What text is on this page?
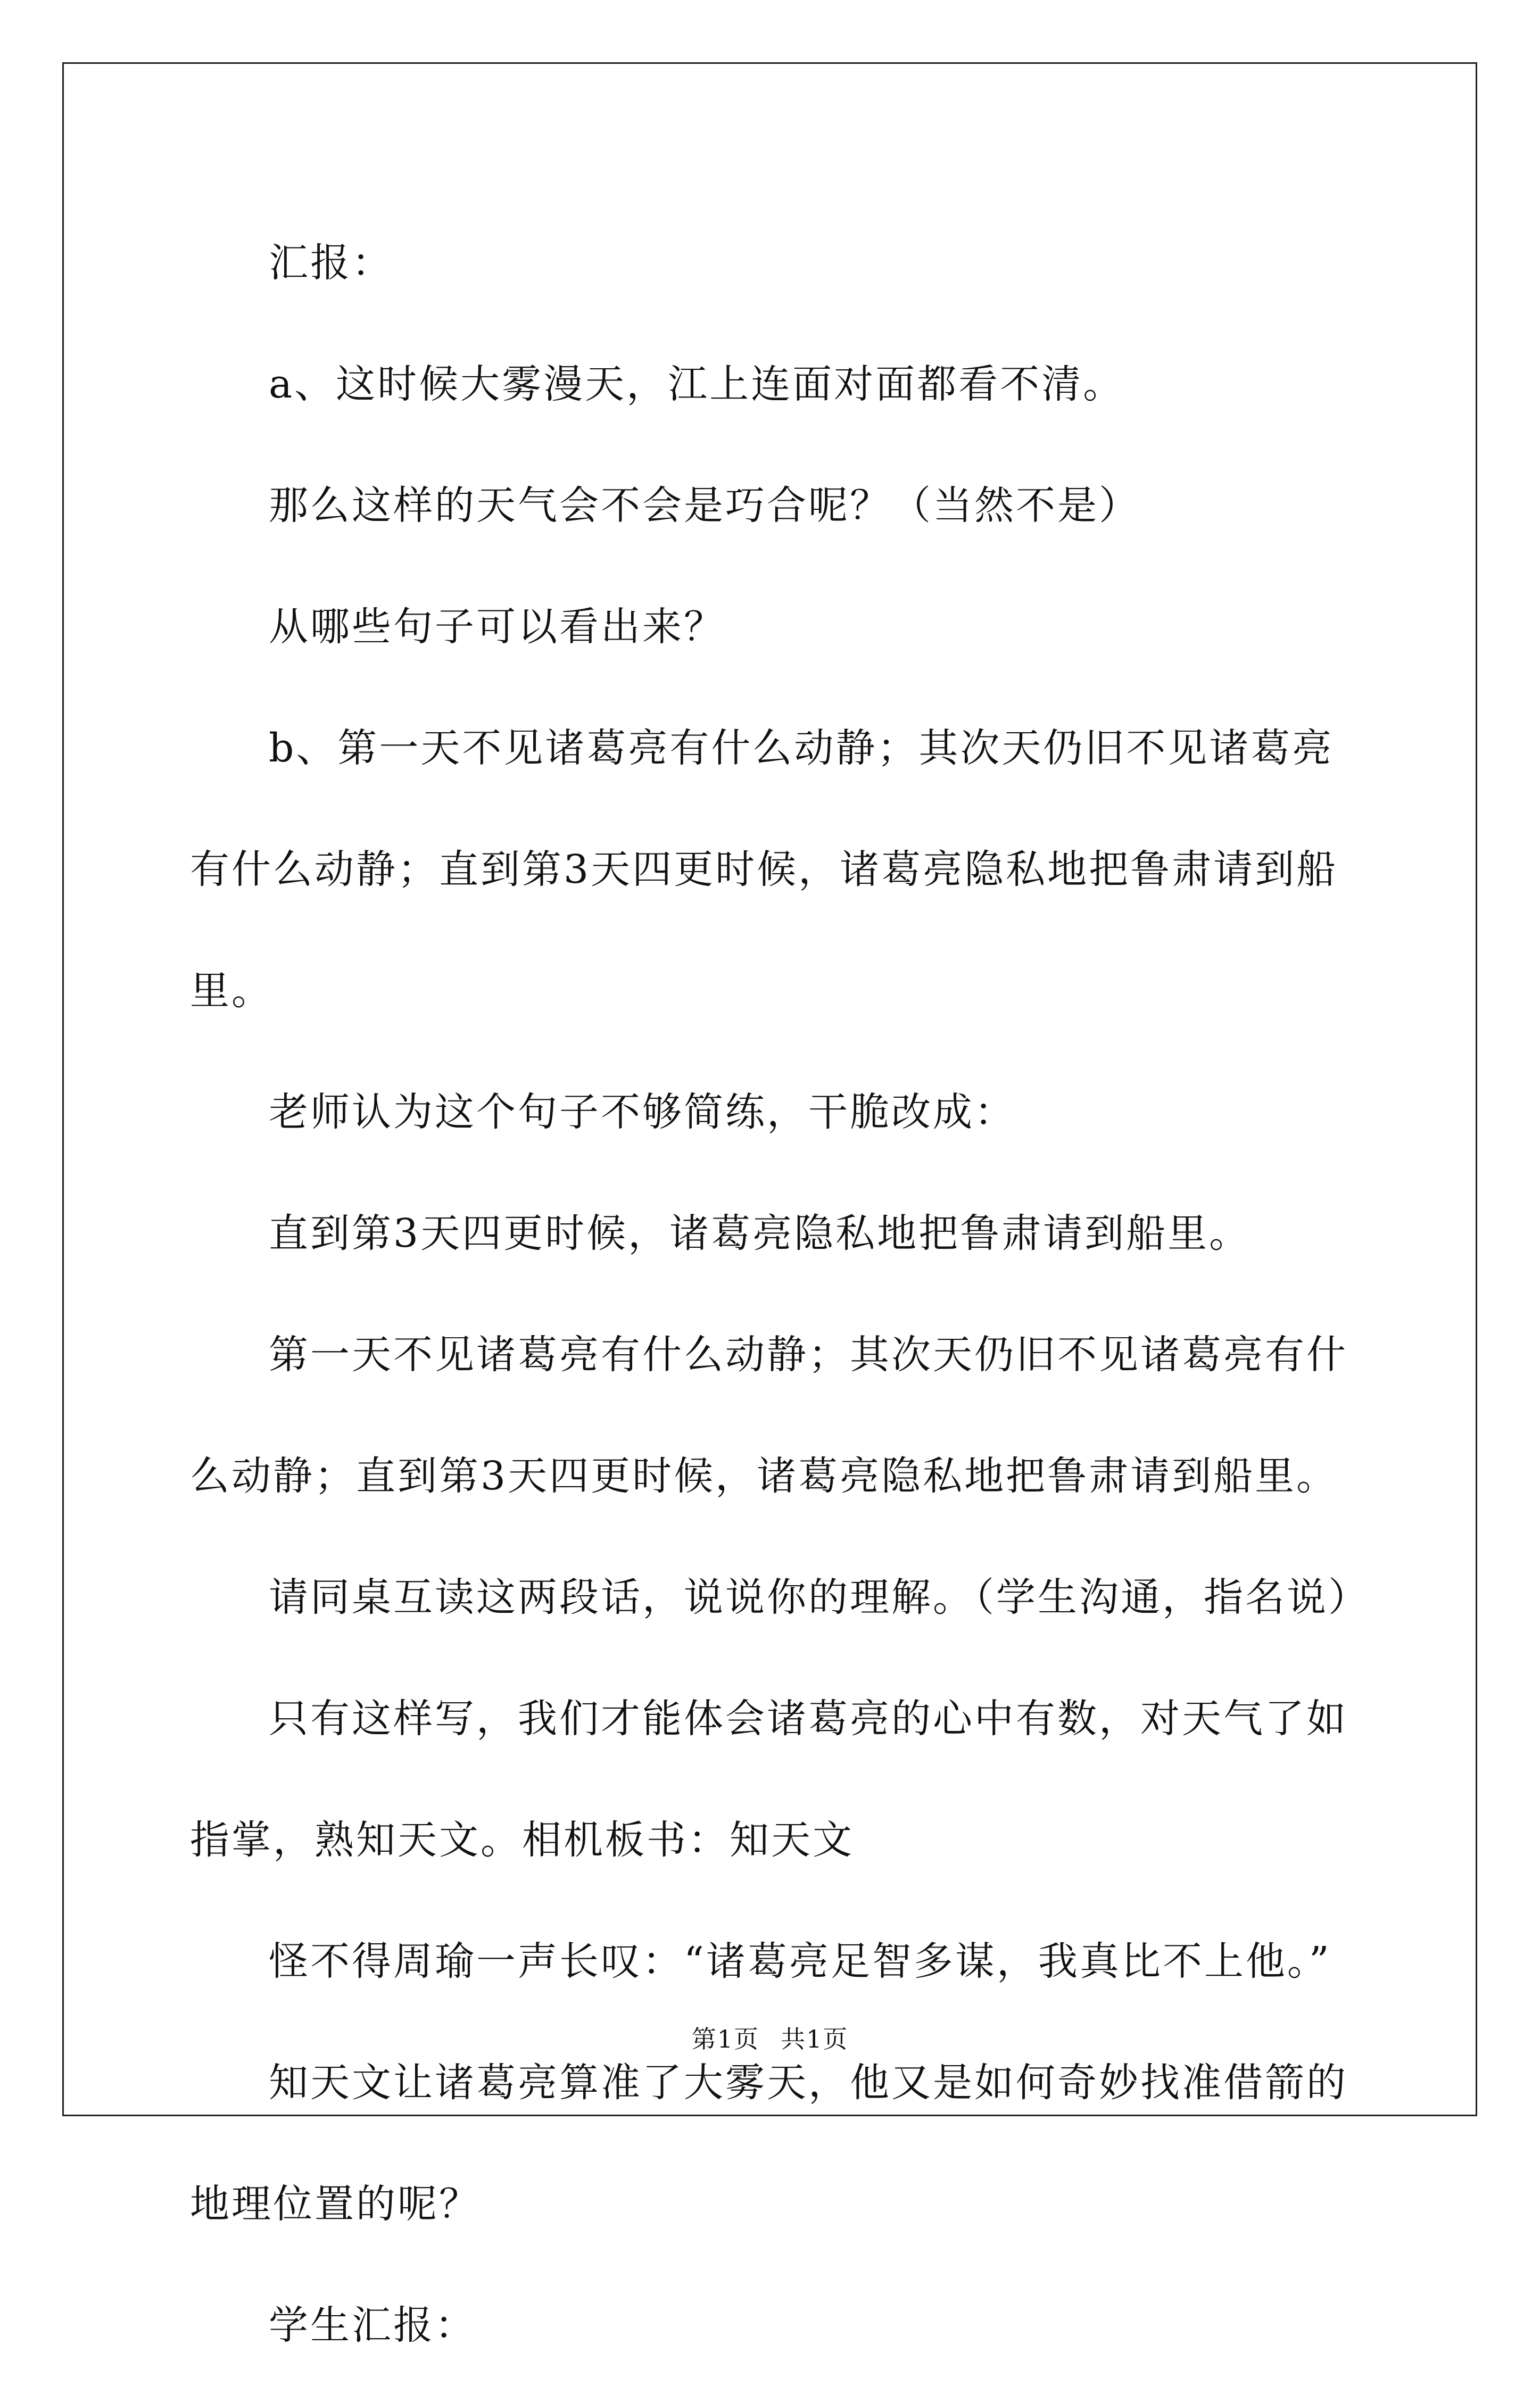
汇报：

a、这时候大雾漫天，江上连面对面都看不清。

那么这样的天气会不会是巧合呢？（当然不是）

从哪些句子可以看出来？

b、第一天不见诸葛亮有什么动静；其次天仍旧不见诸葛亮有什么动静；直到第3天四更时候，诸葛亮隐私地把鲁肃请到船里。

老师认为这个句子不够简练，干脆改成：

直到第3天四更时候，诸葛亮隐私地把鲁肃请到船里。

第一天不见诸葛亮有什么动静；其次天仍旧不见诸葛亮有什么动静；直到第3天四更时候，诸葛亮隐私地把鲁肃请到船里。

请同桌互读这两段话，说说你的理解。（学生沟通，指名说）

只有这样写，我们才能体会诸葛亮的心中有数，对天气了如指掌，熟知天文。相机板书：知天文

怪不得周瑜一声长叹：“诸葛亮足智多谋，我真比不上他。”

知天文让诸葛亮算准了大雾天，他又是如何奇妙找准借箭的地理位置的呢？

学生汇报：

第1页 共1页
